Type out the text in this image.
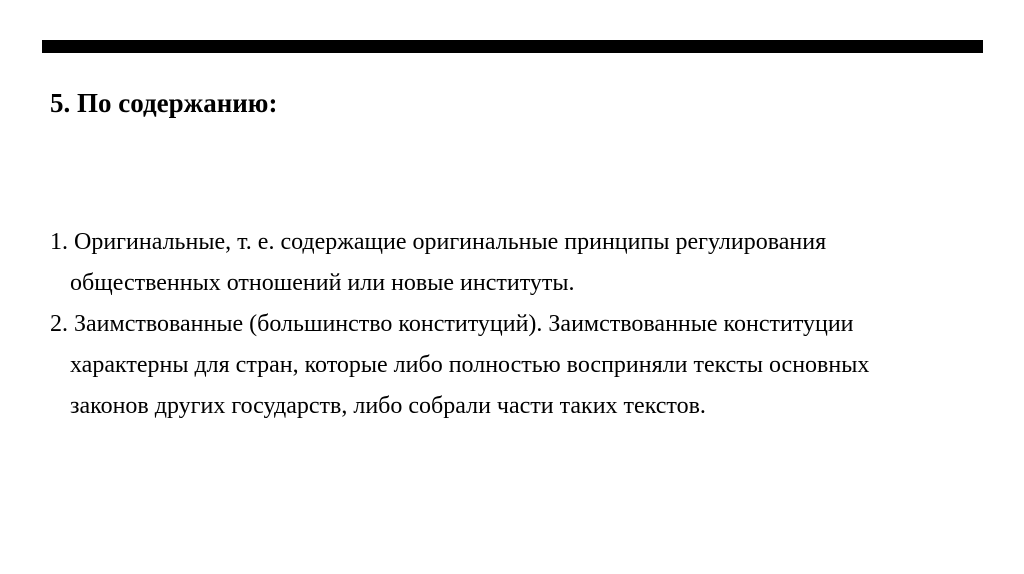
5. По содержанию:
1. Оригинальные, т. е. содержащие оригинальные принципы регулирования общественных отношений или новые институты.
2. Заимствованные (большинство конституций). Заимствованные конституции характерны для стран, которые либо полностью восприняли тексты основных законов других государств, либо собрали части таких текстов.
